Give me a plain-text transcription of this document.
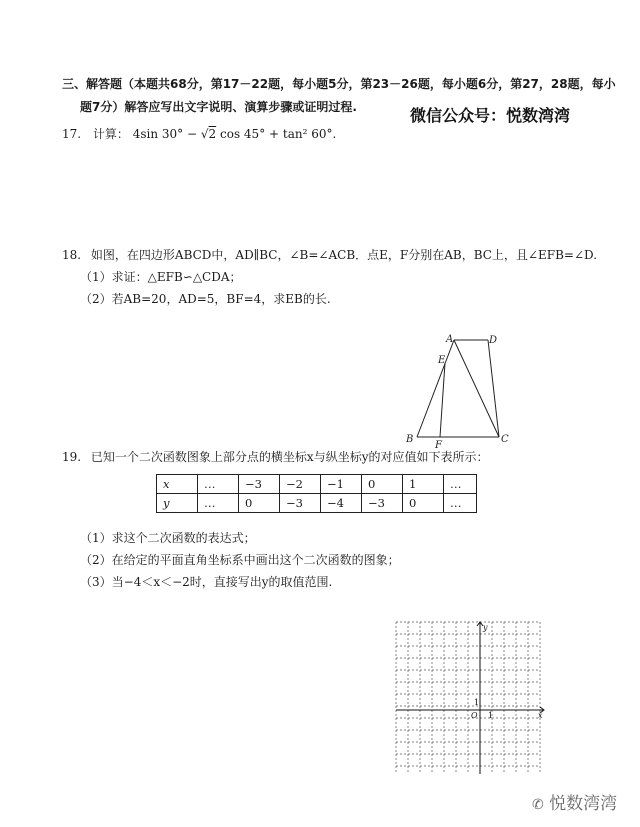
三、解答题（本题共68分，第17－22题，每小题5分，第23－26题，每小题6分，第27，28题，每小
题7分）解答应写出文字说明、演算步骤或证明过程.	微信公众号：悦数湾湾
17. 计算： 4sin 30° − √2 cos 45° + tan² 60°.
18. 如图，在四边形ABCD中，AD∥BC，∠B=∠ACB．点E，F分别在AB，BC上，且∠EFB=∠D.
（1）求证：△EFB∽△CDA；
（2）若AB=20，AD=5，BF=4，求EB的长.
A	D
E
B
F
C
19. 已知一个二次函数图象上部分点的横坐标x与纵坐标y的对应值如下表所示：
x	…	−3	−2	−1	0	1	…
y	…	0	−3	−4	−3	0	…
（1）求这个二次函数的表达式；
（2）在给定的平面直角坐标系中画出这个二次函数的图象；
（3）当−4＜x＜−2时，直接写出y的取值范围.
y
x
O 1
1
✆ 悦数湾湾
